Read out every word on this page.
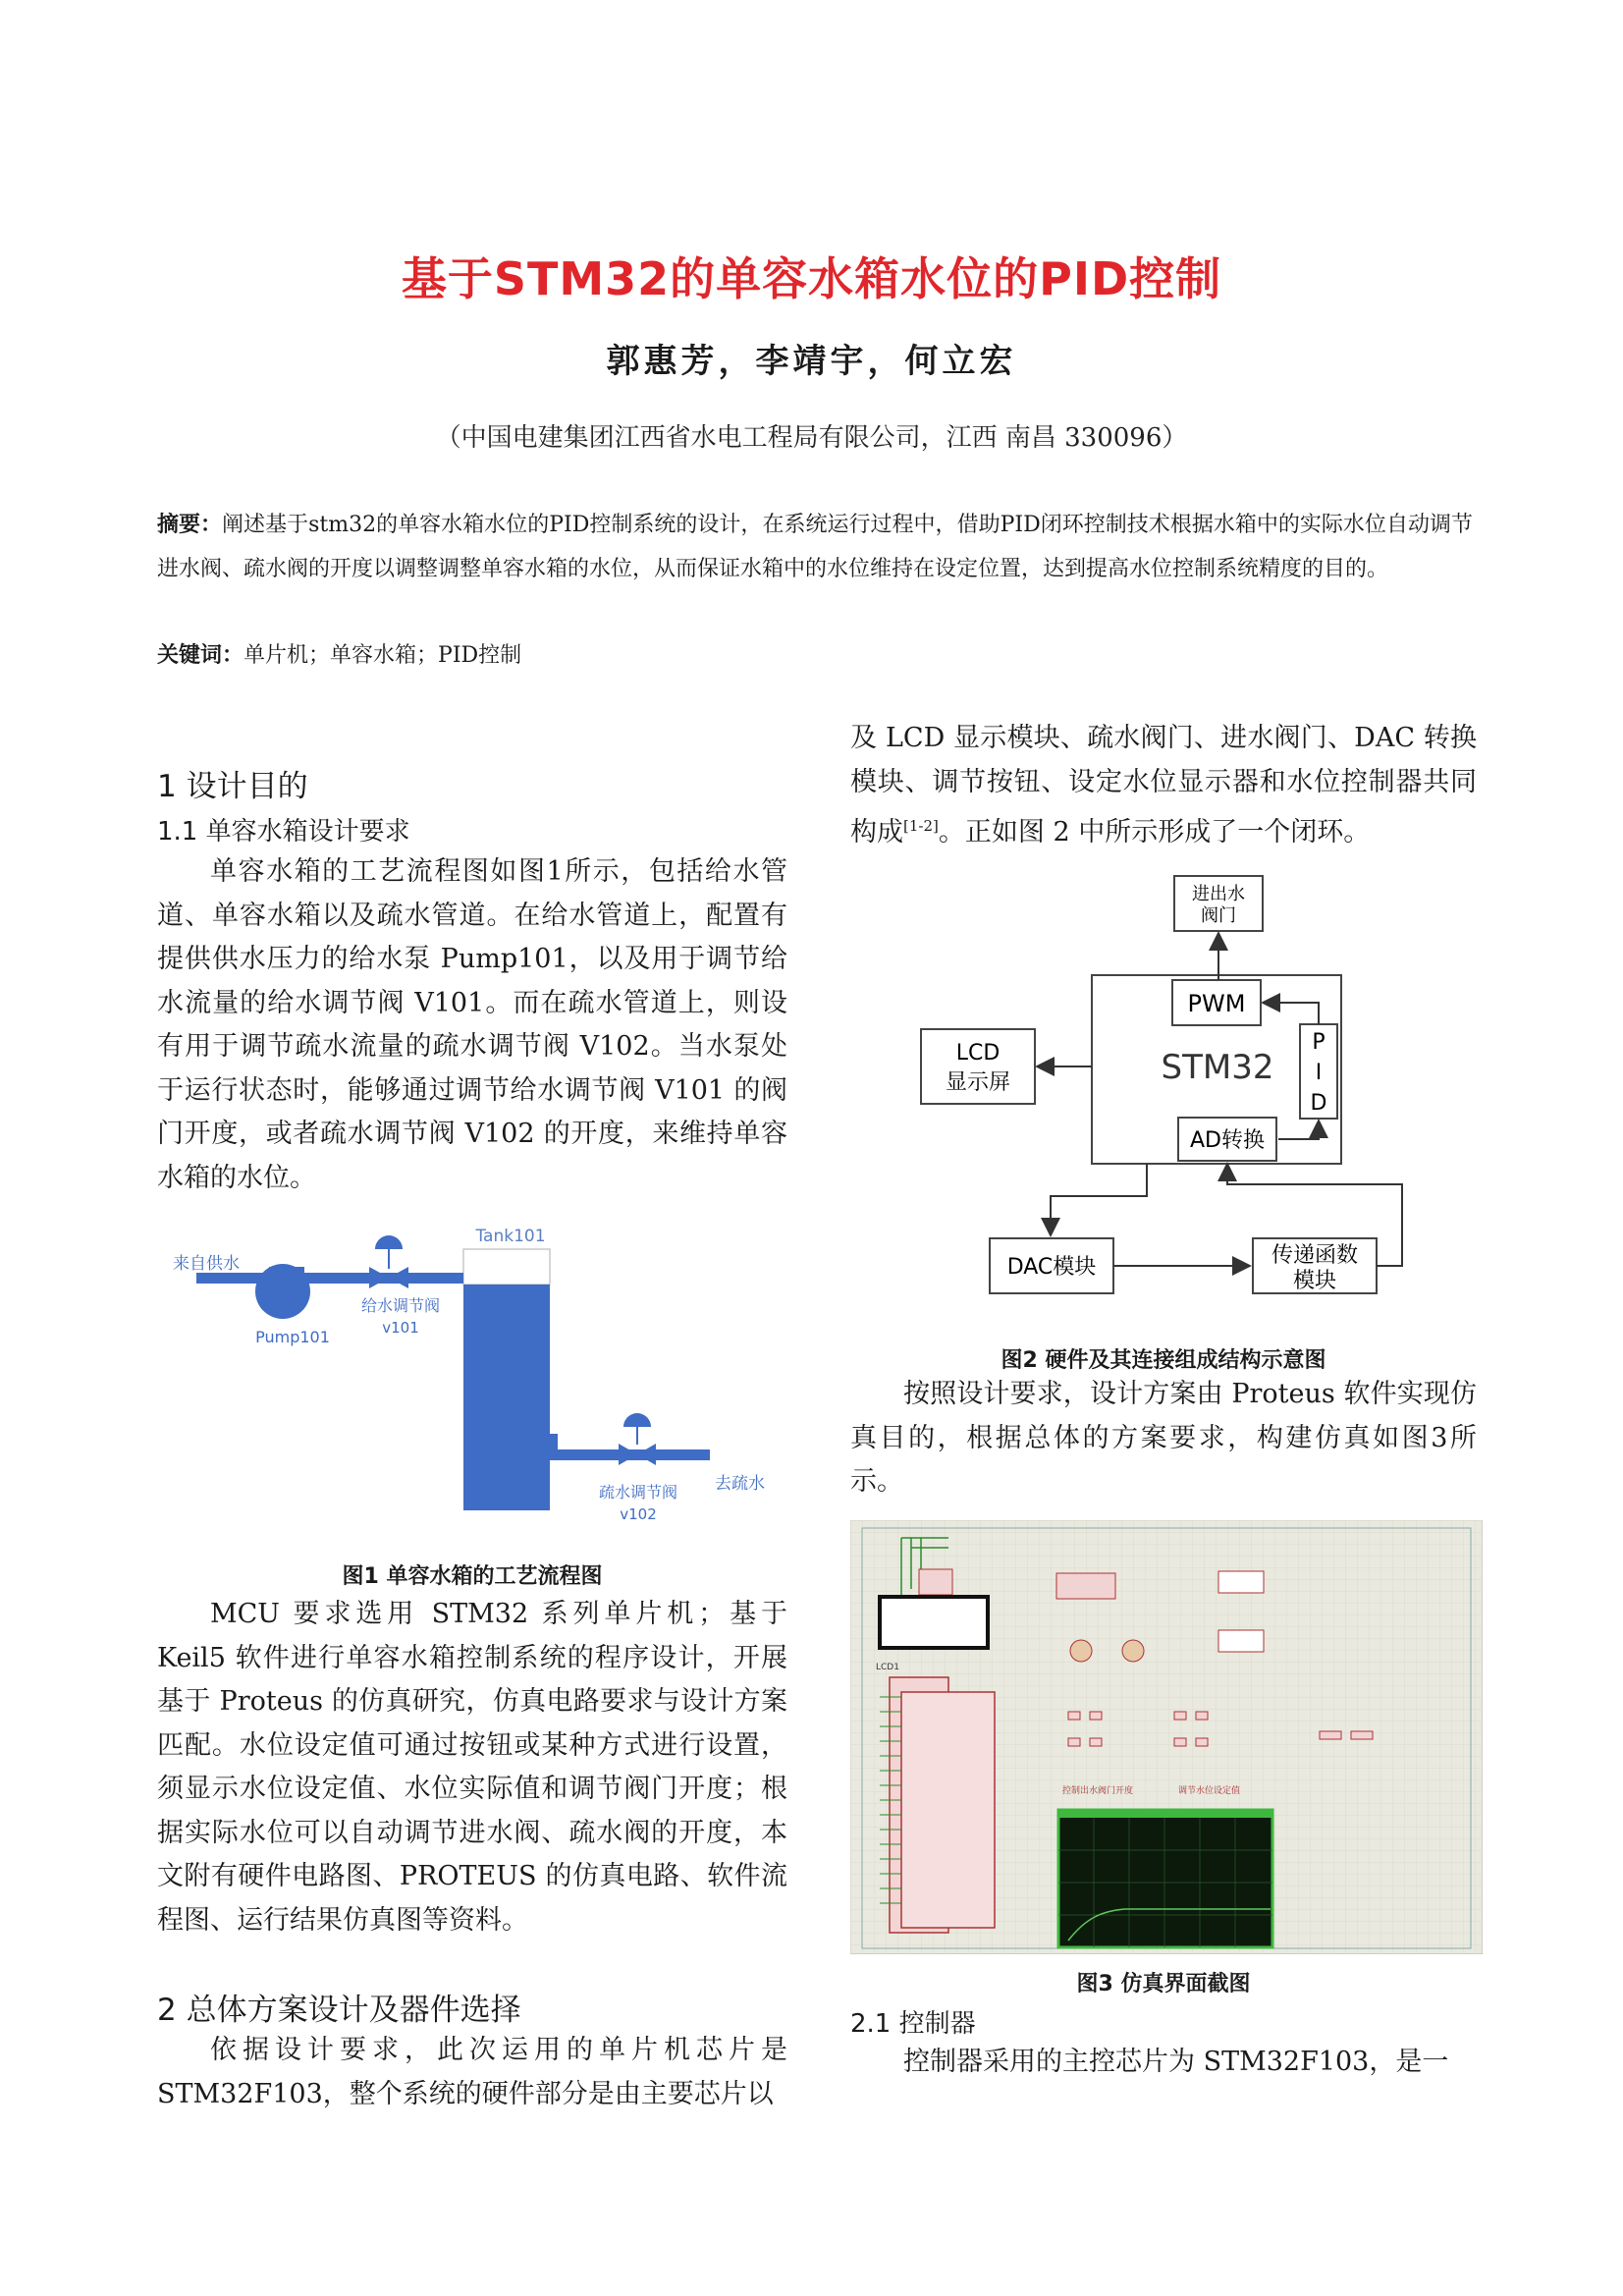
基于STM32的单容水箱水位的PID控制
郭惠芳，李靖宇，何立宏
（中国电建集团江西省水电工程局有限公司，江西 南昌 330096）
摘要：阐述基于stm32的单容水箱水位的PID控制系统的设计，在系统运行过程中，借助PID闭环控制技术根据水箱中的实际水位自动调节进水阀、疏水阀的开度以调整调整单容水箱的水位，从而保证水箱中的水位维持在设定位置，达到提高水位控制系统精度的目的。
关键词：单片机；单容水箱；PID控制
1 设计目的
1.1 单容水箱设计要求
单容水箱的工艺流程图如图1所示，包括给水管道、单容水箱以及疏水管道。在给水管道上，配置有提供供水压力的给水泵 Pump101，以及用于调节给水流量的给水调节阀 V101。而在疏水管道上，则设有用于调节疏水流量的疏水调节阀 V102。当水泵处于运行状态时，能够通过调节给水调节阀 V101 的阀门开度，或者疏水调节阀 V102 的开度，来维持单容水箱的水位。
Tank101
来自供水
Pump101
给水调节阀
v101
疏水调节阀
v102
去疏水
图1 单容水箱的工艺流程图
MCU 要求选用 STM32 系列单片机；基于 Keil5 软件进行单容水箱控制系统的程序设计，开展基于 Proteus 的仿真研究，仿真电路要求与设计方案匹配。水位设定值可通过按钮或某种方式进行设置，须显示水位设定值、水位实际值和调节阀门开度；根据实际水位可以自动调节进水阀、疏水阀的开度，本文附有硬件电路图、PROTEUS 的仿真电路、软件流程图、运行结果仿真图等资料。
2 总体方案设计及器件选择
依据设计要求，此次运用的单片机芯片是 STM32F103，整个系统的硬件部分是由主要芯片以
及 LCD 显示模块、疏水阀门、进水阀门、DAC 转换模块、调节按钮、设定水位显示器和水位控制器共同构成[1-2]。正如图 2 中所示形成了一个闭环。
进出水
阀门
PWM
STM32
P
I
D
AD转换
LCD
显示屏
DAC模块	传递函数
模块
图2 硬件及其连接组成结构示意图
按照设计要求，设计方案由 Proteus 软件实现仿真目的，根据总体的方案要求，构建仿真如图3所示。
LCD1
控制出水阀门开度	调节水位设定值
图3 仿真界面截图
2.1 控制器
控制器采用的主控芯片为 STM32F103，是一
